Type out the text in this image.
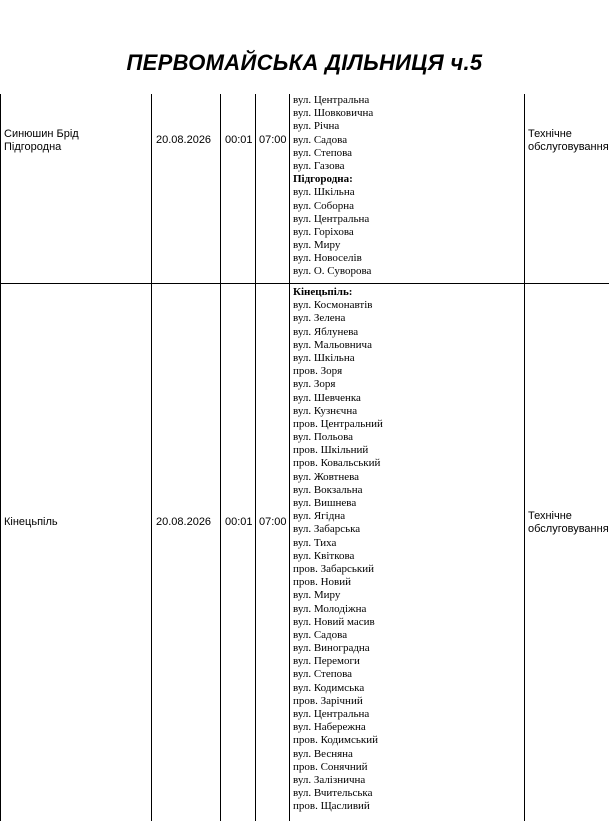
ПЕРВОМАЙСЬКА ДІЛЬНИЦЯ ч.5
Синюшин Брід
Підгородна
20.08.2026 00:01 07:00
вул. Центральна
вул. Шовковична
вул. Річна
вул. Садова
вул. Степова
вул. Газова
Підгородна:
вул. Шкільна
вул. Соборна
вул. Центральна
вул. Горіхова
вул. Миру
вул. Новоселів
вул. О. Суворова
Технічне
обслуговування
Кінецьпіль	20.08.2026 00:01 07:00
Кінецьпіль:
вул. Космонавтів
вул. Зелена
вул. Яблунева
вул. Мальовнича
вул. Шкільна
пров. Зоря
вул. Зоря
вул. Шевченка
вул. Кузнєчна
пров. Центральний
вул. Польова
пров. Шкільний
пров. Ковальський
вул. Жовтнева
вул. Вокзальна
вул. Вишнева
вул. Ягідна
вул. Забарська
вул. Тиха
вул. Квіткова
пров. Забарський
пров. Новий
вул. Миру
вул. Молодіжна
вул. Новий масив
вул. Садова
вул. Виноградна
вул. Перемоги
вул. Степова
вул. Кодимська
пров. Зарічний
вул. Центральна
вул. Набережна
пров. Кодимський
вул. Весняна
пров. Сонячний
вул. Залізнична
вул. Вчительська
пров. Щасливий
Технічне
обслуговування
